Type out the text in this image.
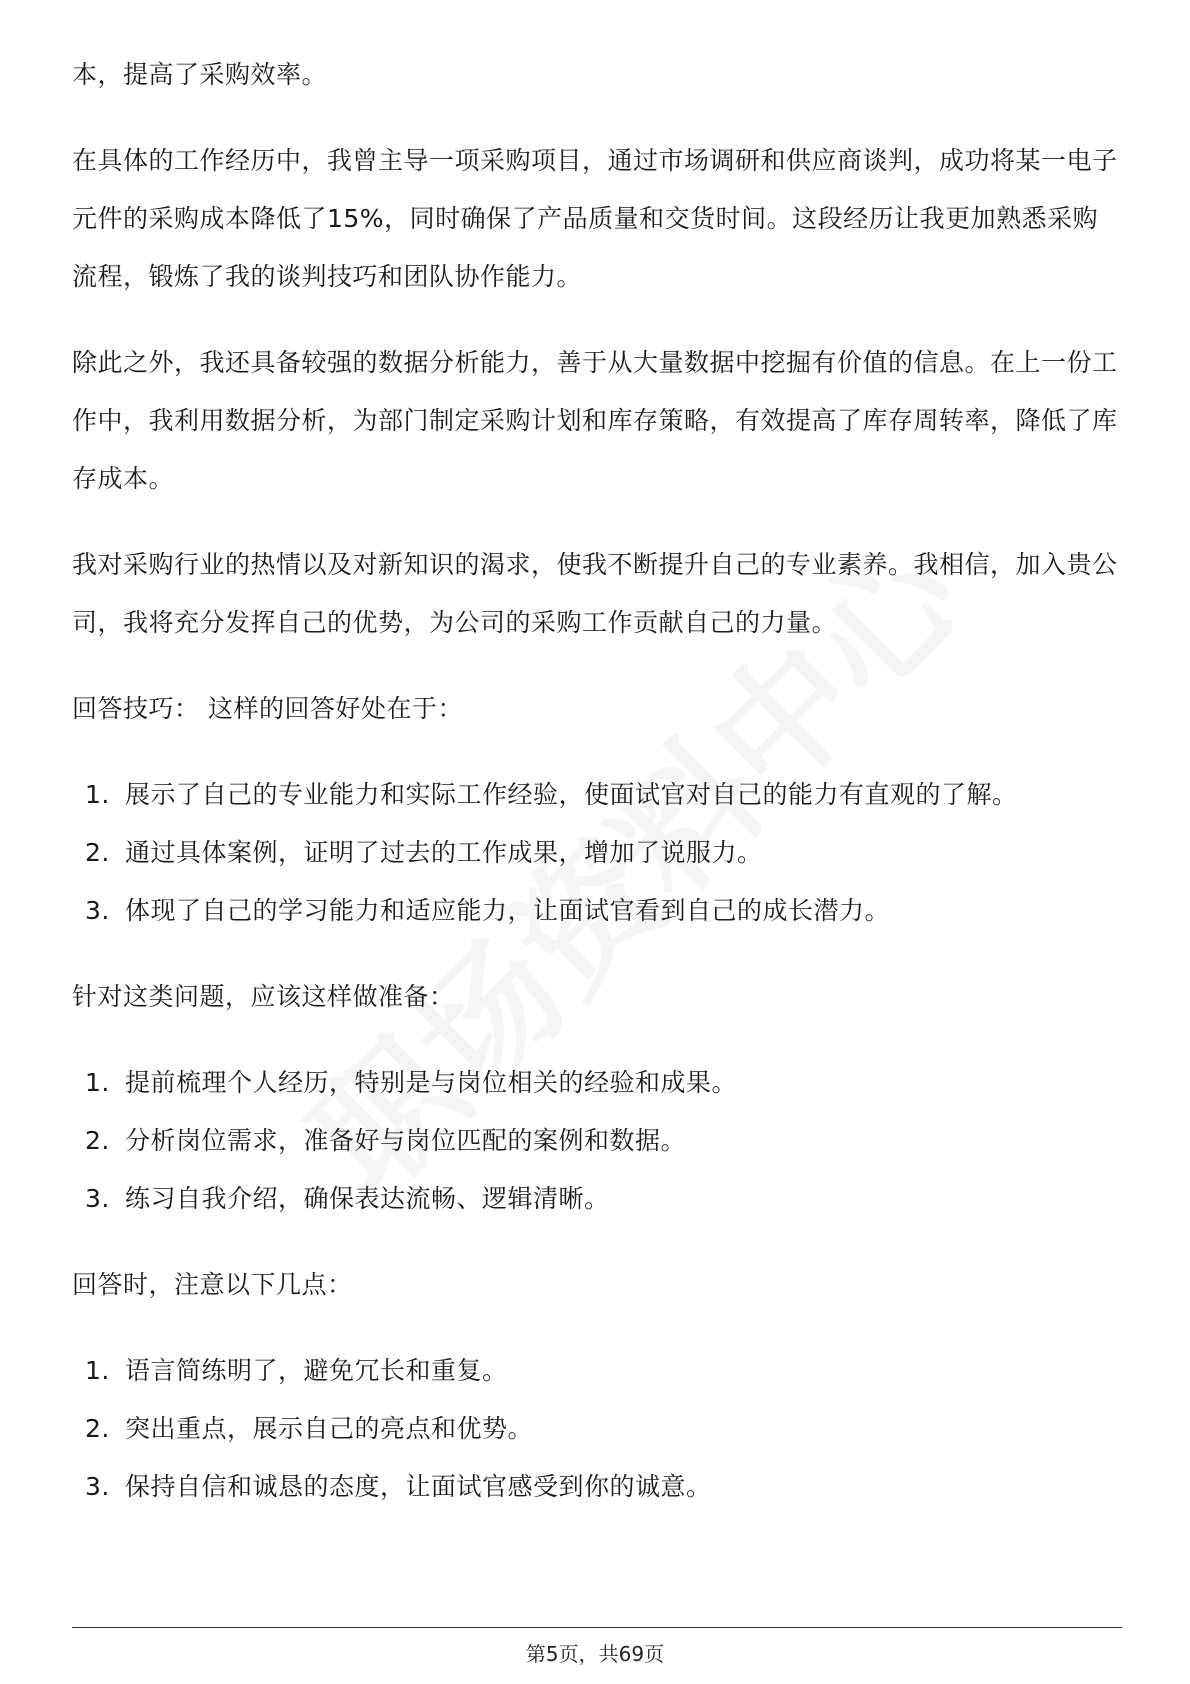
本，提高了采购效率。

在具体的工作经历中，我曾主导一项采购项目，通过市场调研和供应商谈判，成功将某一电子元件的采购成本降低了15%，同时确保了产品质量和交货时间。这段经历让我更加熟悉采购流程，锻炼了我的谈判技巧和团队协作能力。

除此之外，我还具备较强的数据分析能力，善于从大量数据中挖掘有价值的信息。在上一份工作中，我利用数据分析，为部门制定采购计划和库存策略，有效提高了库存周转率，降低了库存成本。

我对采购行业的热情以及对新知识的渴求，使我不断提升自己的专业素养。我相信，加入贵公司，我将充分发挥自己的优势，为公司的采购工作贡献自己的力量。

回答技巧： 这样的回答好处在于：

1. 展示了自己的专业能力和实际工作经验，使面试官对自己的能力有直观的了解。
2. 通过具体案例，证明了过去的工作成果，增加了说服力。
3. 体现了自己的学习能力和适应能力，让面试官看到自己的成长潜力。

针对这类问题，应该这样做准备：

1. 提前梳理个人经历，特别是与岗位相关的经验和成果。
2. 分析岗位需求，准备好与岗位匹配的案例和数据。
3. 练习自我介绍，确保表达流畅、逻辑清晰。

回答时，注意以下几点：

1. 语言简练明了，避免冗长和重复。
2. 突出重点，展示自己的亮点和优势。
3. 保持自信和诚恳的态度，让面试官感受到你的诚意。
第5页，共69页
